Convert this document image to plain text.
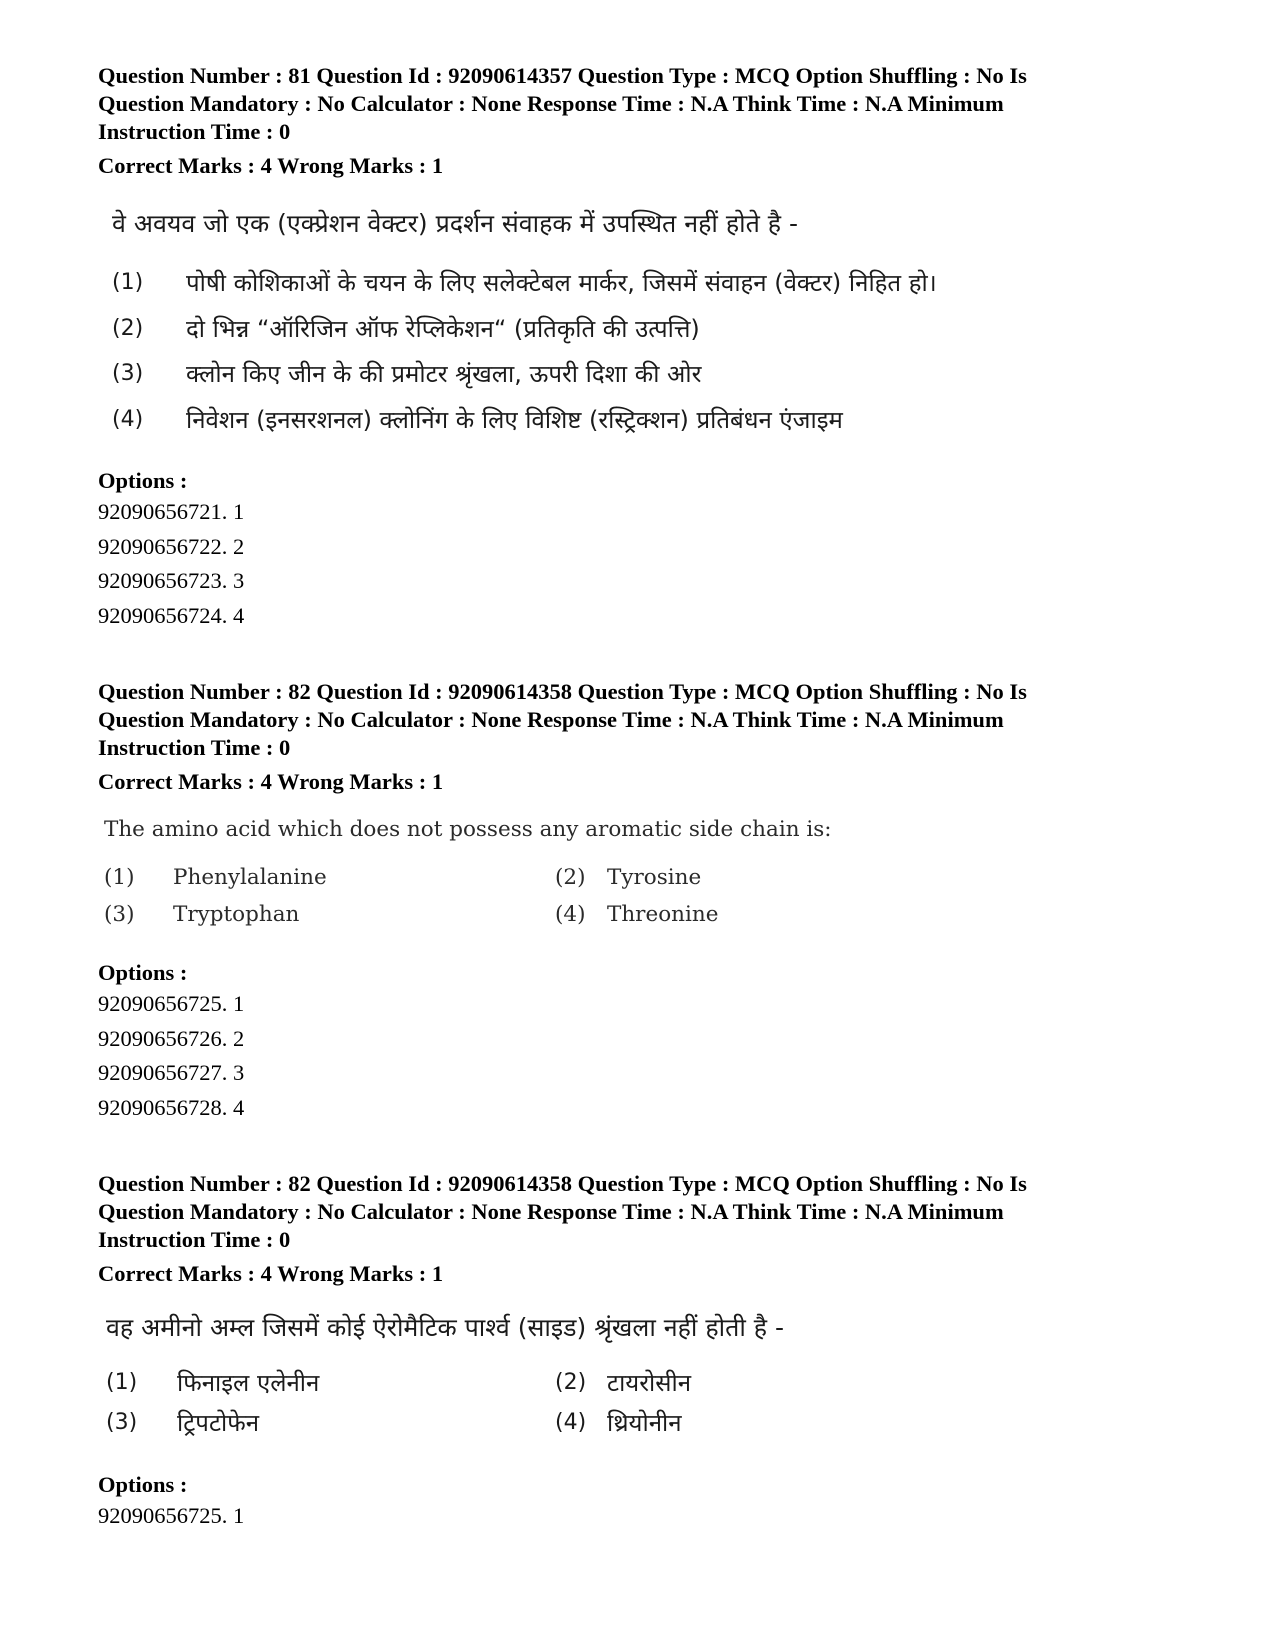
Question Number : 81 Question Id : 92090614357 Question Type : MCQ Option Shuffling : No Is

Question Mandatory : No Calculator : None Response Time : N.A Think Time : N.A Minimum

Instruction Time : 0

Correct Marks : 4 Wrong Marks : 1

वे अवयव जो एक (एक्प्रेशन वेक्टर) प्रदर्शन संवाहक में उपस्थित नहीं होते है -
(1) पोषी कोशिकाओं के चयन के लिए सलेक्टेबल मार्कर, जिसमें संवाहन (वेक्टर) निहित हो।
(2) दो भिन्न “ऑरिजिन ऑफ रेप्लिकेशन“ (प्रतिकृति की उत्पत्ति)
(3) क्लोन किए जीन के की प्रमोटर श्रृंखला, ऊपरी दिशा की ओर
(4) निवेशन (इनसरशनल) क्लोनिंग के लिए विशिष्ट (रस्ट्रिक्शन) प्रतिबंधन एंजाइम

Options :

92090656721. 1

92090656722. 2

92090656723. 3

92090656724. 4

Question Number : 82 Question Id : 92090614358 Question Type : MCQ Option Shuffling : No Is

Question Mandatory : No Calculator : None Response Time : N.A Think Time : N.A Minimum

Instruction Time : 0

Correct Marks : 4 Wrong Marks : 1

The amino acid which does not possess any aromatic side chain is:
(1) Phenylalanine	(2) Tyrosine
(3) Tryptophan	(4) Threonine

Options :

92090656725. 1

92090656726. 2

92090656727. 3

92090656728. 4

Question Number : 82 Question Id : 92090614358 Question Type : MCQ Option Shuffling : No Is

Question Mandatory : No Calculator : None Response Time : N.A Think Time : N.A Minimum

Instruction Time : 0

Correct Marks : 4 Wrong Marks : 1

वह अमीनो अम्ल जिसमें कोई ऐरोमैटिक पार्श्व (साइड) श्रृंखला नहीं होती है -
(1) फिनाइल एलेनीन	(2) टायरोसीन
(3) ट्रिपटोफेन	(4) थ्रियोनीन

Options :

92090656725. 1
